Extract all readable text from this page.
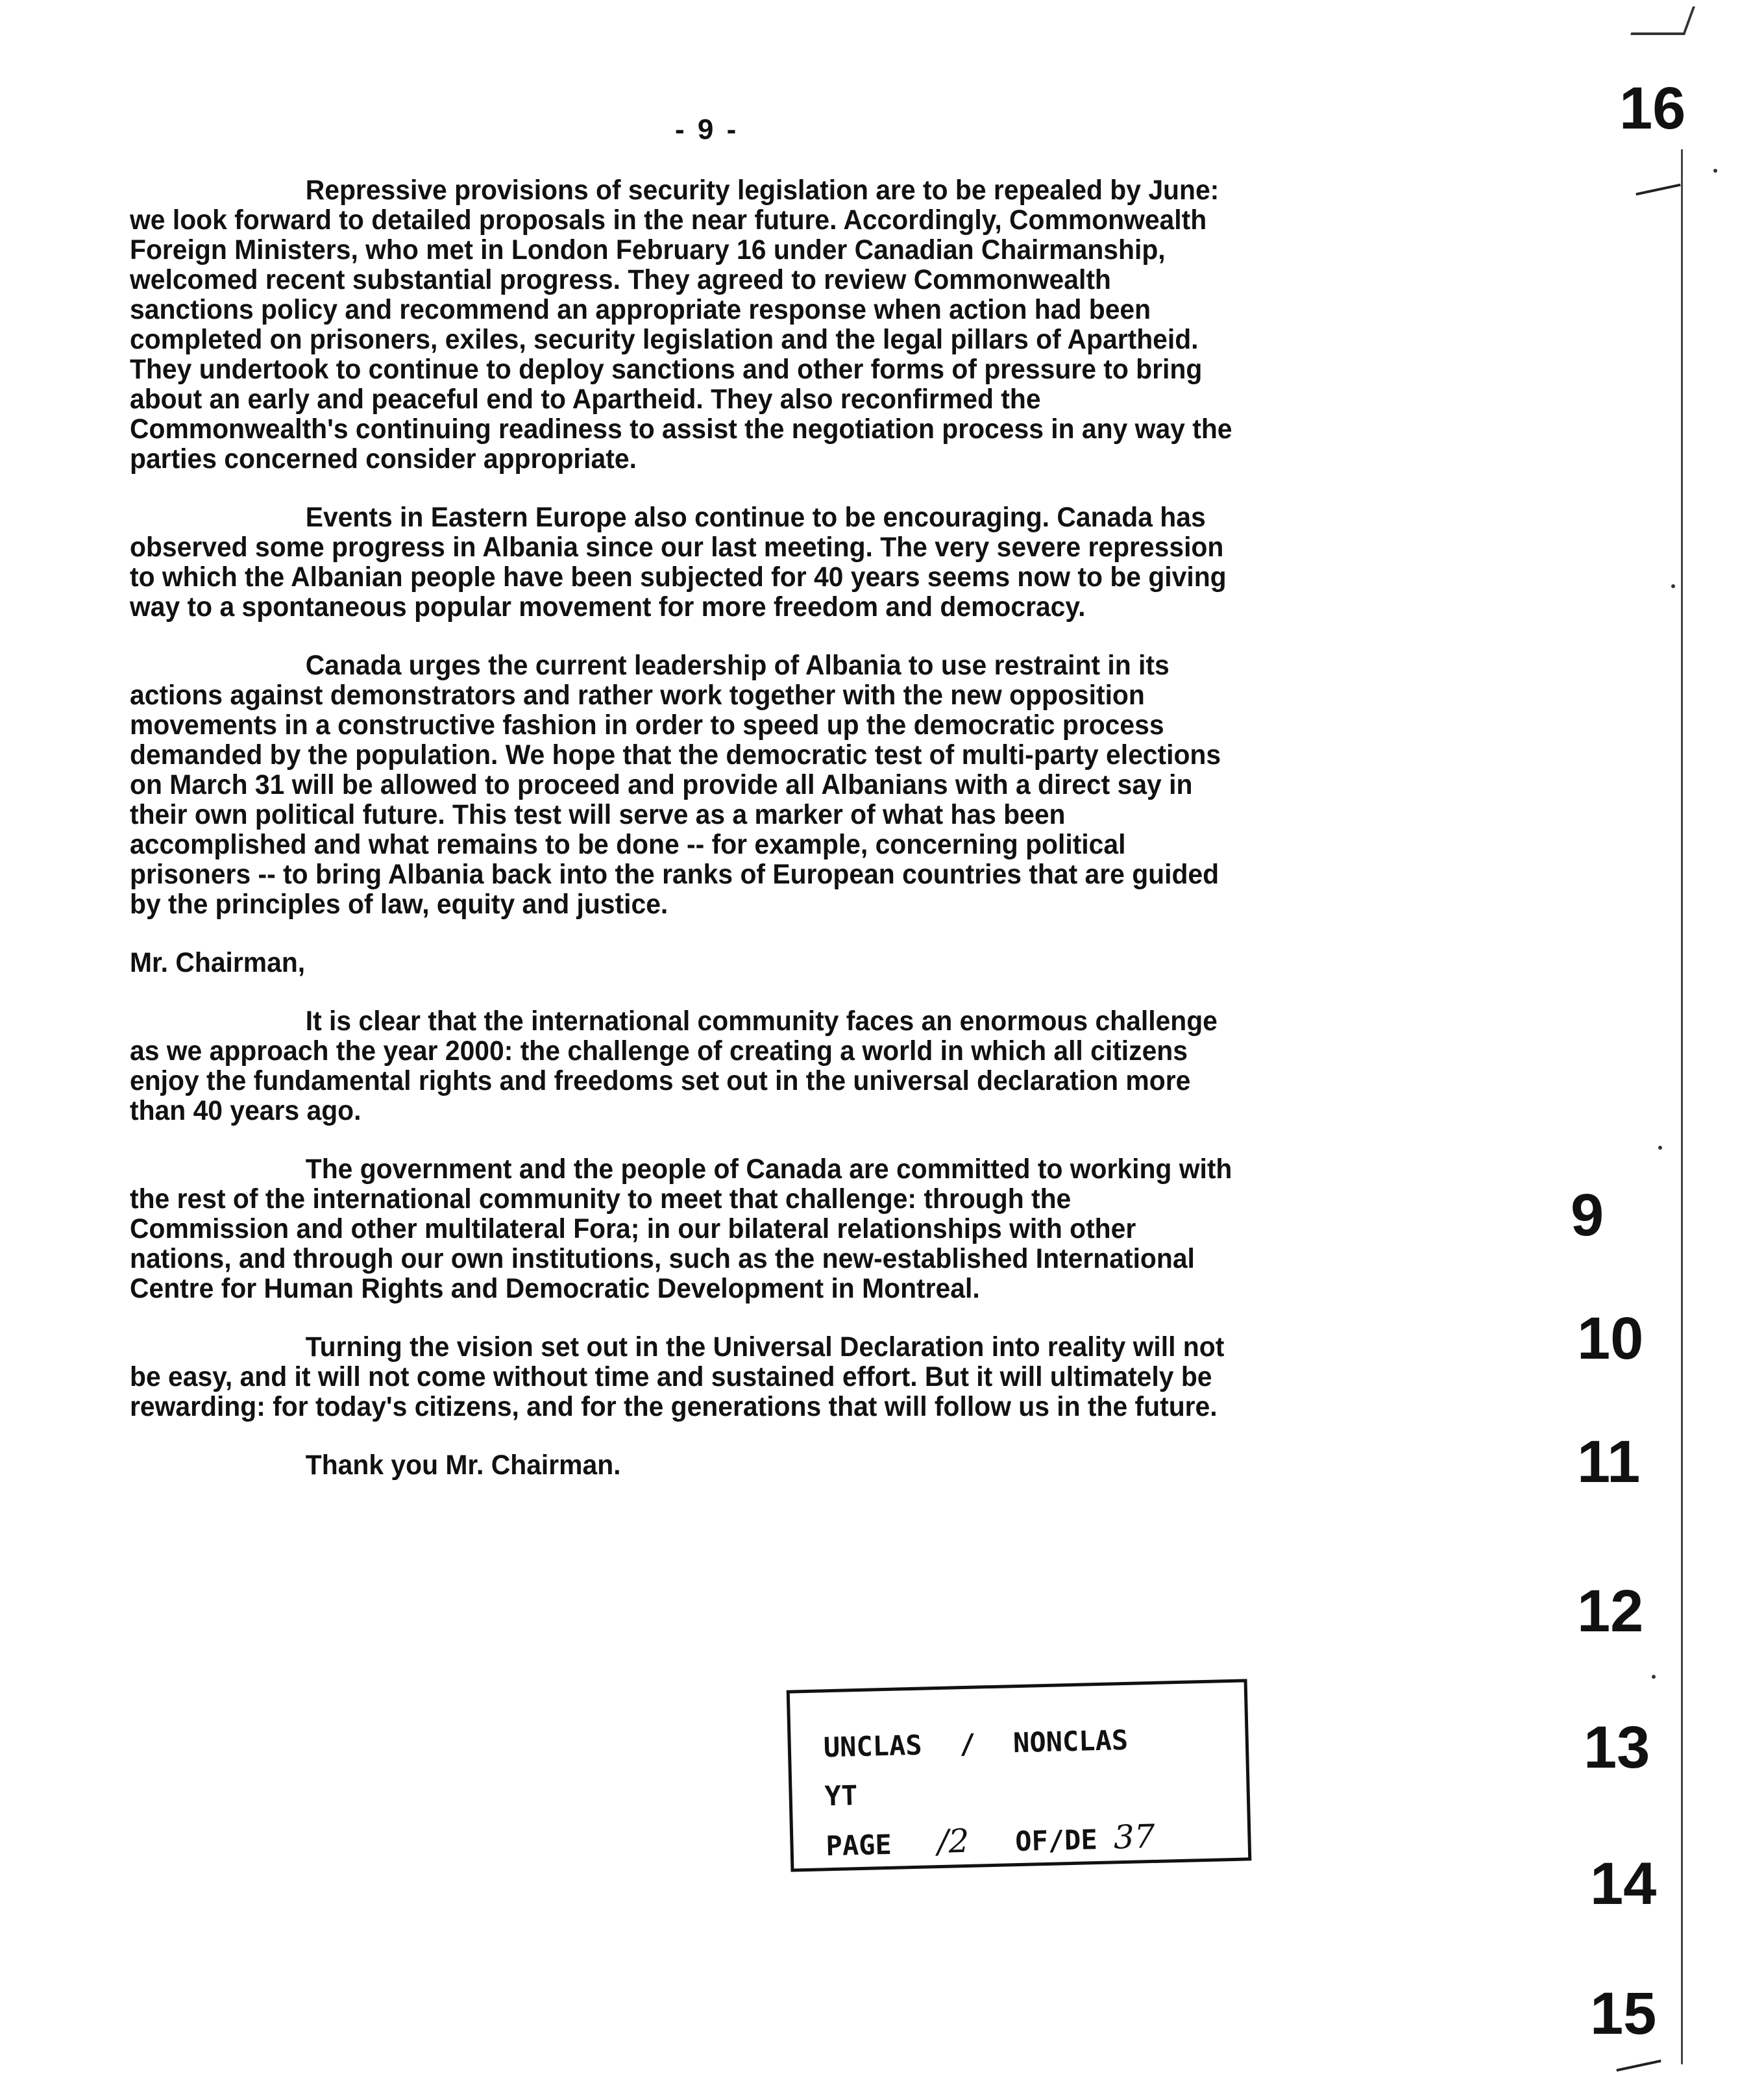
- 9 -

Repressive provisions of security legislation are to be repealed by June: we look forward to detailed proposals in the near future. Accordingly, Commonwealth Foreign Ministers, who met in London February 16 under Canadian Chairmanship, welcomed recent substantial progress. They agreed to review Commonwealth sanctions policy and recommend an appropriate response when action had been completed on prisoners, exiles, security legislation and the legal pillars of Apartheid. They undertook to continue to deploy sanctions and other forms of pressure to bring about an early and peaceful end to Apartheid. They also reconfirmed the Commonwealth's continuing readiness to assist the negotiation process in any way the parties concerned consider appropriate.

Events in Eastern Europe also continue to be encouraging. Canada has observed some progress in Albania since our last meeting. The very severe repression to which the Albanian people have been subjected for 40 years seems now to be giving way to a spontaneous popular movement for more freedom and democracy.

Canada urges the current leadership of Albania to use restraint in its actions against demonstrators and rather work together with the new opposition movements in a constructive fashion in order to speed up the democratic process demanded by the population. We hope that the democratic test of multi-party elections on March 31 will be allowed to proceed and provide all Albanians with a direct say in their own political future. This test will serve as a marker of what has been accomplished and what remains to be done -- for example, concerning political prisoners -- to bring Albania back into the ranks of European countries that are guided by the principles of law, equity and justice.

Mr. Chairman,

It is clear that the international community faces an enormous challenge as we approach the year 2000: the challenge of creating a world in which all citizens enjoy the fundamental rights and freedoms set out in the universal declaration more than 40 years ago.

The government and the people of Canada are committed to working with the rest of the international community to meet that challenge: through the Commission and other multilateral Fora; in our bilateral relationships with other nations, and through our own institutions, such as the new-established International Centre for Human Rights and Democratic Development in Montreal.

Turning the vision set out in the Universal Declaration into reality will not be easy, and it will not come without time and sustained effort. But it will ultimately be rewarding: for today's citizens, and for the generations that will follow us in the future.

Thank you Mr. Chairman.

UNCLAS / NONCLAS
YT
PAGE /2 OF/DE 37
16
9
10
11
12
13
14
15
